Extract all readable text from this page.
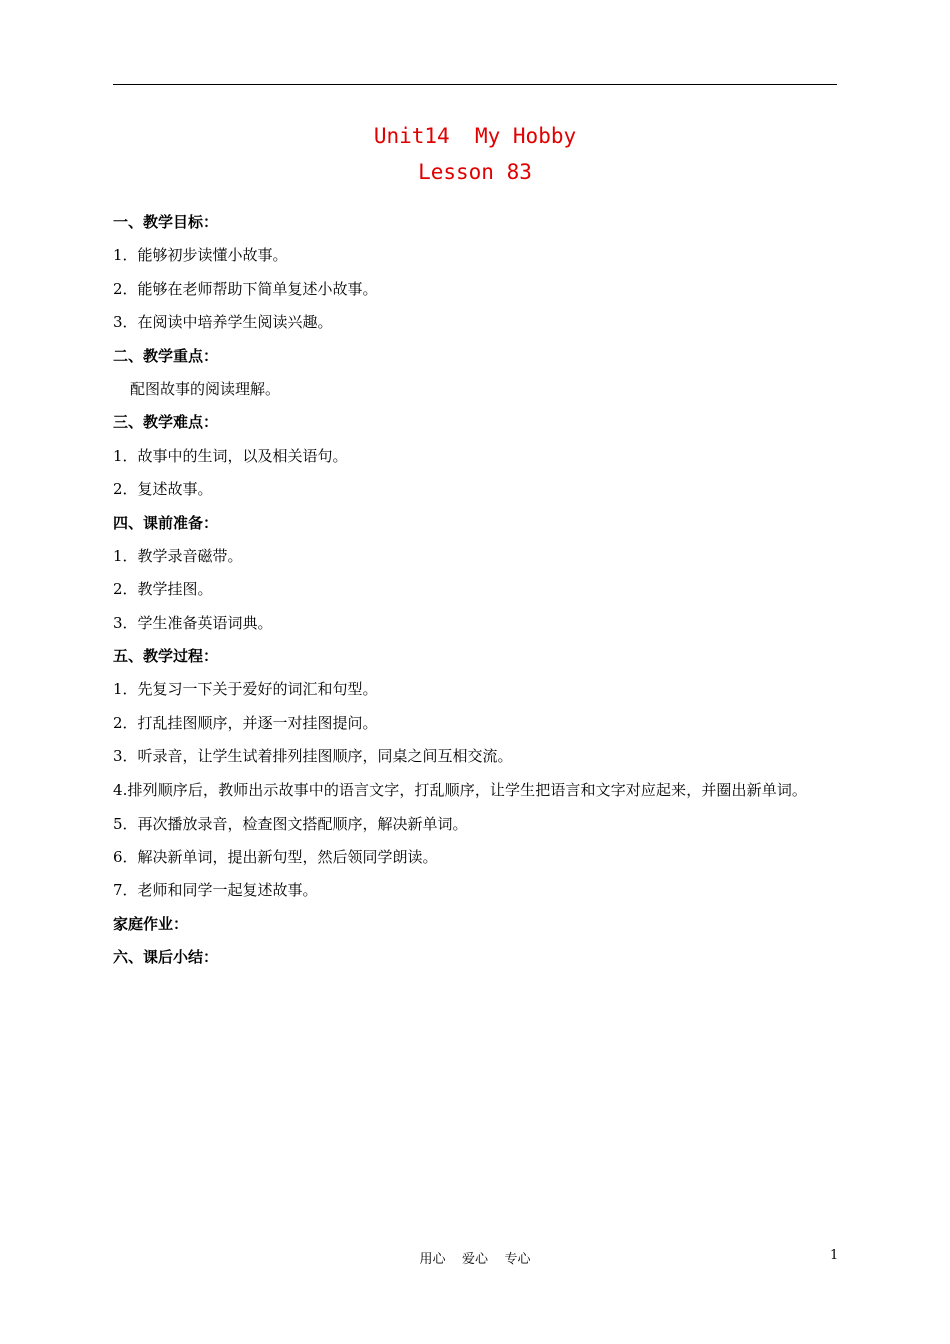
Unit14  My Hobby
Lesson 83
一、教学目标：
1．能够初步读懂小故事。
2．能够在老师帮助下简单复述小故事。
3．在阅读中培养学生阅读兴趣。
二、教学重点：
配图故事的阅读理解。
三、教学难点：
1．故事中的生词，以及相关语句。
2．复述故事。
四、课前准备：
1．教学录音磁带。
2．教学挂图。
3．学生准备英语词典。
五、教学过程：
1．先复习一下关于爱好的词汇和句型。
2．打乱挂图顺序，并逐一对挂图提问。
3．听录音，让学生试着排列挂图顺序，同桌之间互相交流。
4.排列顺序后，教师出示故事中的语言文字，打乱顺序，让学生把语言和文字对应起来，并圈出新单词。
5．再次播放录音，检查图文搭配顺序，解决新单词。
6．解决新单词，提出新句型，然后领同学朗读。
7．老师和同学一起复述故事。
家庭作业：
六、课后小结：
用心    爱心    专心	1
